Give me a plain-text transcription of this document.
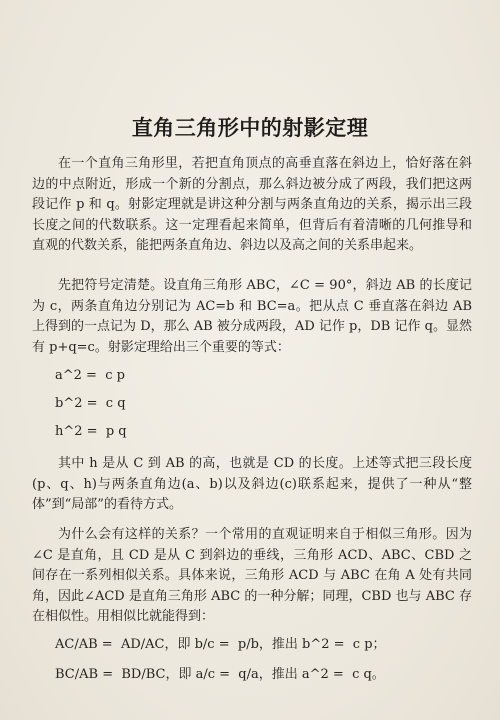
直角三角形中的射影定理

在一个直角三角形里，若把直角顶点的高垂直落在斜边上，恰好落在斜边的中点附近，形成一个新的分割点，那么斜边被分成了两段，我们把这两段记作 p 和 q。射影定理就是讲这种分割与两条直角边的关系，揭示出三段长度之间的代数联系。这一定理看起来简单，但背后有着清晰的几何推导和直观的代数关系，能把两条直角边、斜边以及高之间的关系串起来。

先把符号定清楚。设直角三角形 ABC，∠C = 90°，斜边 AB 的长度记为 c，两条直角边分别记为 AC=b 和 BC=a。把从点 C 垂直落在斜边 AB 上得到的一点记为 D，那么 AB 被分成两段，AD 记作 p，DB 记作 q。显然有 p+q=c。射影定理给出三个重要的等式：

a^2 =  c p
b^2 =  c q
h^2 =  p q

其中 h 是从 C 到 AB 的高，也就是 CD 的长度。上述等式把三段长度(p、q、h)与两条直角边(a、b)以及斜边(c)联系起来，提供了一种从“整体”到“局部”的看待方式。

为什么会有这样的关系？一个常用的直观证明来自于相似三角形。因为∠C 是直角，且 CD 是从 C 到斜边的垂线，三角形 ACD、ABC、CBD 之间存在一系列相似关系。具体来说，三角形 ACD 与 ABC 在角 A 处有共同角，因此∠ACD 是直角三角形 ABC 的一种分解；同理，CBD 也与 ABC 存在相似性。用相似比就能得到：

AC/AB =  AD/AC，即 b/c =  p/b，推出 b^2 =  c p；
BC/AB =  BD/BC，即 a/c =  q/a，推出 a^2 =  c q。
